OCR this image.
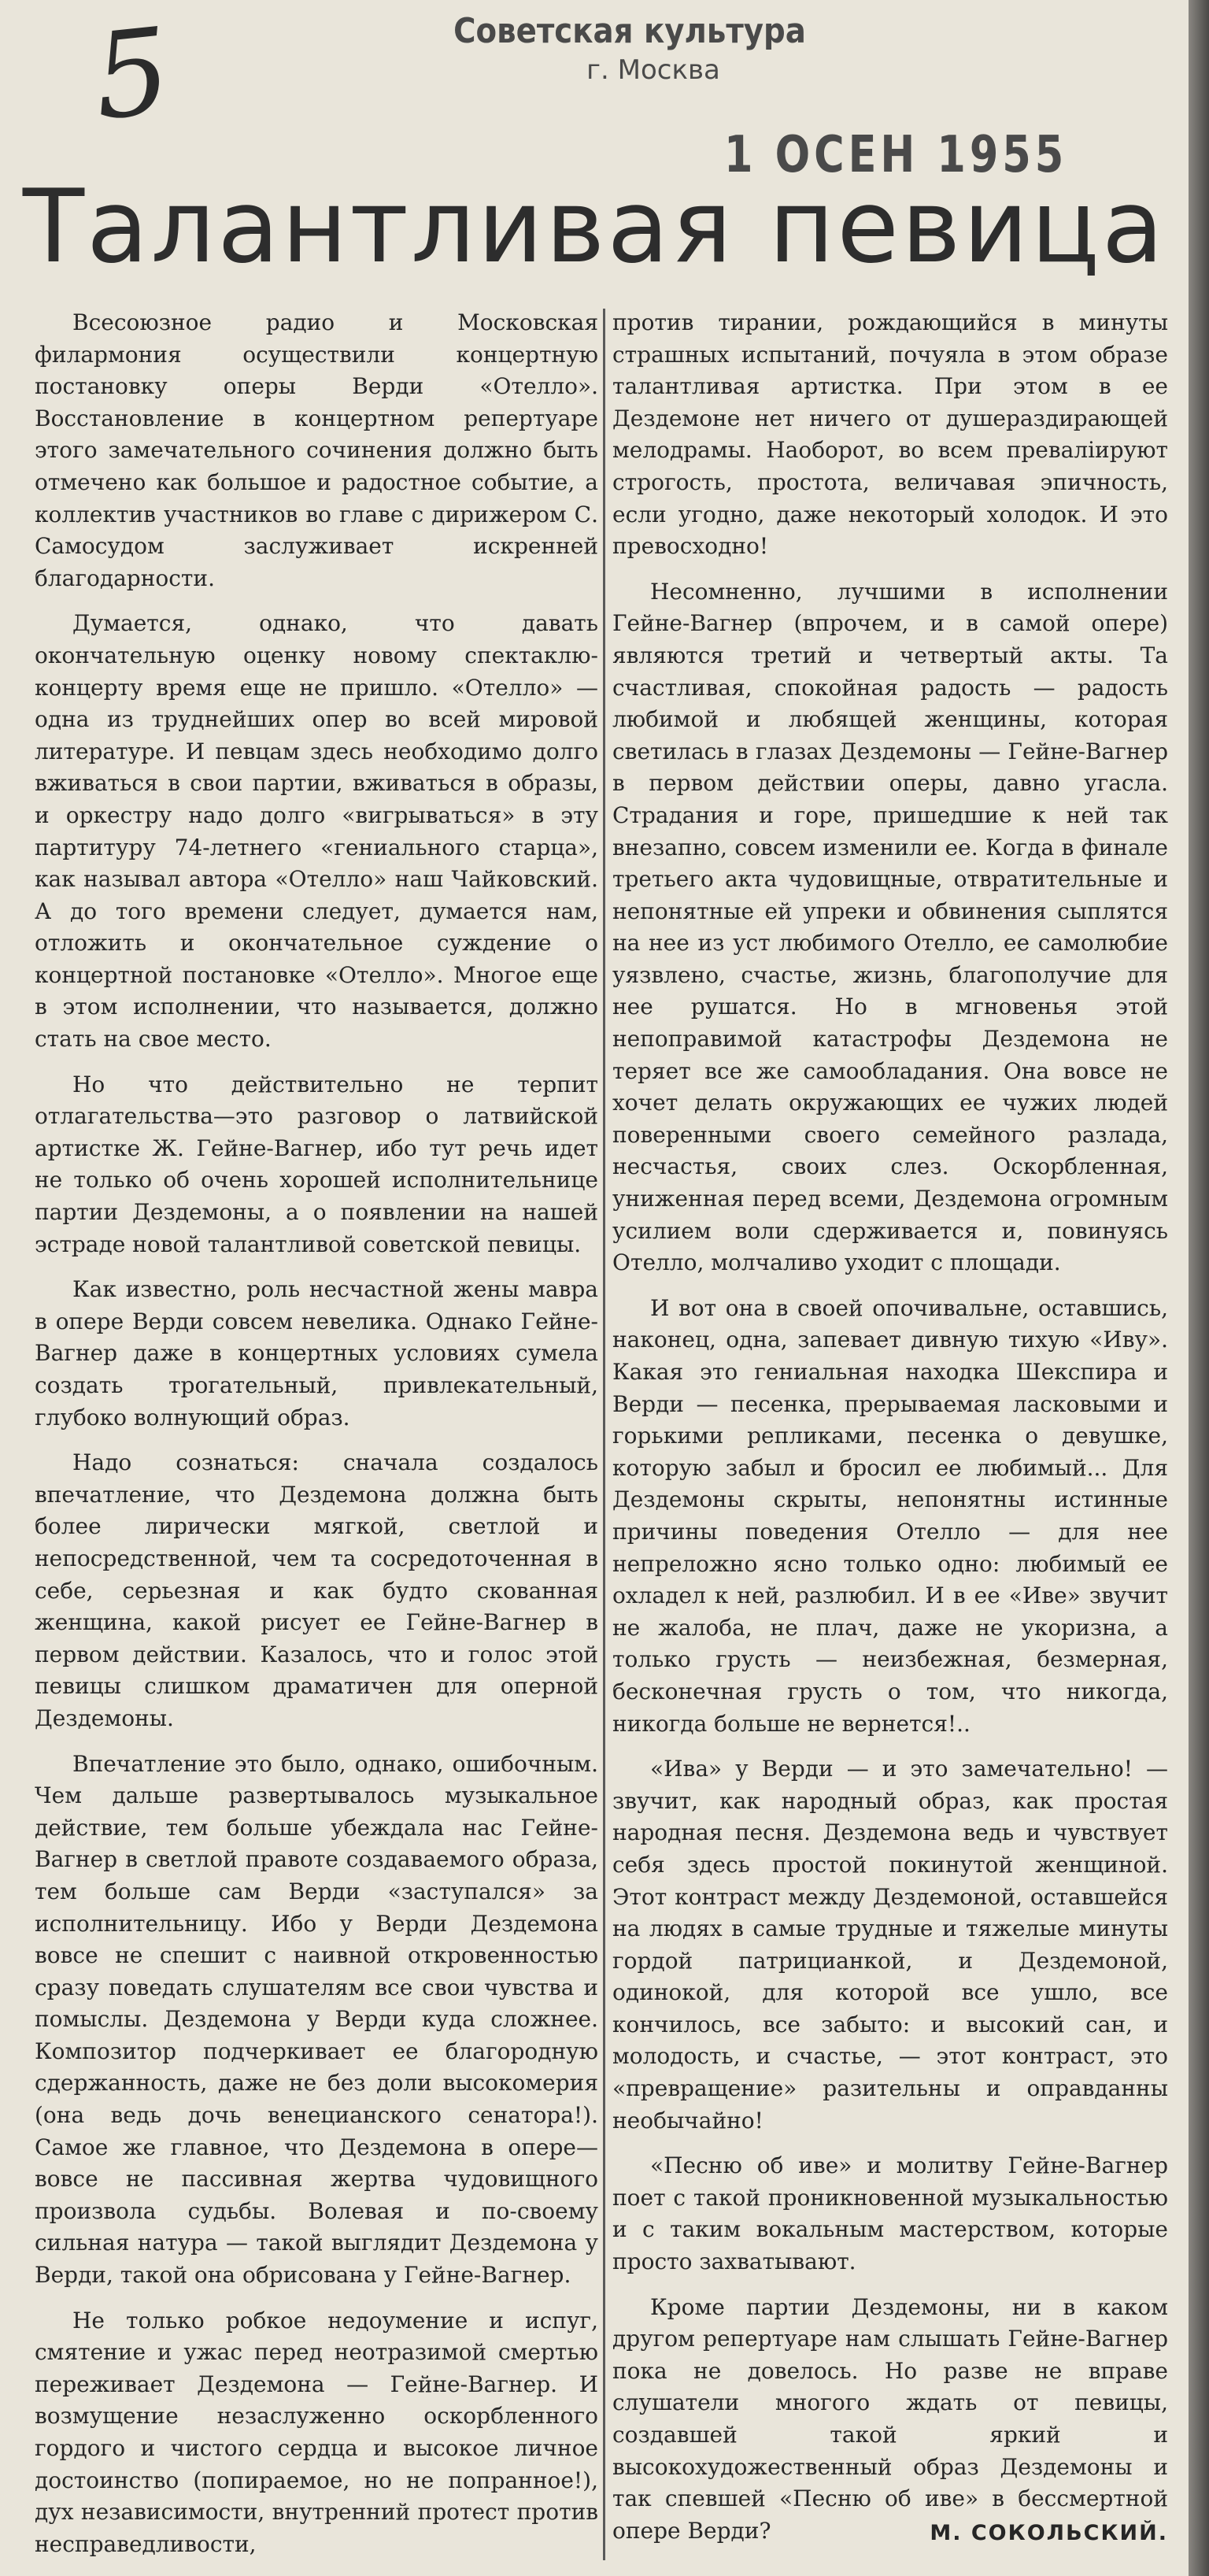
5	Советская культура
г. Москва
1 ОСЕН 1955
Талантливая певица

Всесоюзное радио и Московская филармония осуществили концертную постановку оперы Верди «Отелло». Восстановление в концертном репертуаре этого замечательного сочинения должно быть отмечено как большое и радостное событие, а коллектив участников во главе с дирижером С. Самосудом заслуживает искренней благодарности.

Думается, однако, что давать окончательную оценку новому спектаклю-концерту время еще не пришло. «Отелло» — одна из труднейших опер во всей мировой литературе. И певцам здесь необходимо долго вживаться в свои партии, вживаться в образы, и оркестру надо долго «вигрываться» в эту партитуру 74-летнего «гениального старца», как называл автора «Отелло» наш Чайковский. А до того времени следует, думается нам, отложить и окончательное суждение о концертной постановке «Отелло». Многое еще в этом исполнении, что называется, должно стать на свое место.

Но что действительно не терпит отлагательства—это разговор о латвийской артистке Ж. Гейне-Вагнер, ибо тут речь идет не только об очень хорошей исполнительнице партии Дездемоны, а о появлении на нашей эстраде новой талантливой советской певицы.

Как известно, роль несчастной жены мавра в опере Верди совсем невелика. Однако Гейне-Вагнер даже в концертных условиях сумела создать трогательный, привлекательный, глубоко волнующий образ.

Надо сознаться: сначала создалось впечатление, что Дездемона должна быть более лирически мягкой, светлой и непосредственной, чем та сосредоточенная в себе, серьезная и как будто скованная женщина, какой рисует ее Гейне-Вагнер в первом действии. Казалось, что и голос этой певицы слишком драматичен для оперной Дездемоны.

Впечатление это было, однако, ошибочным. Чем дальше развертывалось музыкальное действие, тем больше убеждала нас Гейне-Вагнер в светлой правоте создаваемого образа, тем больше сам Верди «заступался» за исполнительницу. Ибо у Верди Дездемона вовсе не спешит с наивной откровенностью сразу поведать слушателям все свои чувства и помыслы. Дездемона у Верди куда сложнее. Композитор подчеркивает ее благородную сдержанность, даже не без доли высокомерия (она ведь дочь венецианского сенатора!). Самое же главное, что Дездемона в опере—вовсе не пассивная жертва чудовищного произвола судьбы. Волевая и по-своему сильная натура — такой выглядит Дездемона у Верди, такой она обрисована у Гейне-Вагнер.

Не только робкое недоумение и испуг, смятение и ужас перед неотразимой смертью переживает Дездемона — Гейне-Вагнер. И возмущение незаслуженно оскорбленного гордого и чистого сердца и высокое личное достоинство (попираемое, но не попранное!), дух независимости, внутренний протест против несправедливости,

против тирании, рождающийся в минуты страшных испытаний, почуяла в этом образе талантливая артистка. При этом в ее Дездемоне нет ничего от душераздирающей мелодрамы. Наоборот, во всем преваліируют строгость, простота, величавая эпичность, если угодно, даже некоторый холодок. И это превосходно!

Несомненно, лучшими в исполнении Гейне-Вагнер (впрочем, и в самой опере) являются третий и четвертый акты. Та счастливая, спокойная радость — радость любимой и любящей женщины, которая светилась в глазах Дездемоны — Гейне-Вагнер в первом действии оперы, давно угасла. Страдания и горе, пришедшие к ней так внезапно, совсем изменили ее. Когда в финале третьего акта чудовищные, отвратительные и непонятные ей упреки и обвинения сыплятся на нее из уст любимого Отелло, ее самолюбие уязвлено, счастье, жизнь, благополучие для нее рушатся. Но в мгновенья этой непоправимой катастрофы Дездемона не теряет все же самообладания. Она вовсе не хочет делать окружающих ее чужих людей поверенными своего семейного разлада, несчастья, своих слез. Оскорбленная, униженная перед всеми, Дездемона огромным усилием воли сдерживается и, повинуясь Отелло, молчаливо уходит с площади.

И вот она в своей опочивальне, оставшись, наконец, одна, запевает дивную тихую «Иву». Какая это гениальная находка Шекспира и Верди — песенка, прерываемая ласковыми и горькими репликами, песенка о девушке, которую забыл и бросил ее любимый... Для Дездемоны скрыты, непонятны истинные причины поведения Отелло — для нее непреложно ясно только одно: любимый ее охладел к ней, разлюбил. И в ее «Иве» звучит не жалоба, не плач, даже не укоризна, а только грусть — неизбежная, безмерная, бесконечная грусть о том, что никогда, никогда больше не вернется!..

«Ива» у Верди — и это замечательно! — звучит, как народный образ, как простая народная песня. Дездемона ведь и чувствует себя здесь простой покинутой женщиной. Этот контраст между Дездемоной, оставшейся на людях в самые трудные и тяжелые минуты гордой патрицианкой, и Дездемоной, одинокой, для которой все ушло, все кончилось, все забыто: и высокий сан, и молодость, и счастье, — этот контраст, это «превращение» разительны и оправданны необычайно!

«Песню об иве» и молитву Гейне-Вагнер поет с такой проникновенной музыкальностью и с таким вокальным мастерством, которые просто захватывают.

Кроме партии Дездемоны, ни в каком другом репертуаре нам слышать Гейне-Вагнер пока не довелось. Но разве не вправе слушатели многого ждать от певицы, создавшей такой яркий и высокохудожественный образ Дездемоны и так спевшей «Песню об иве» в бессмертной опере Верди?	М. СОКОЛЬСКИЙ.
